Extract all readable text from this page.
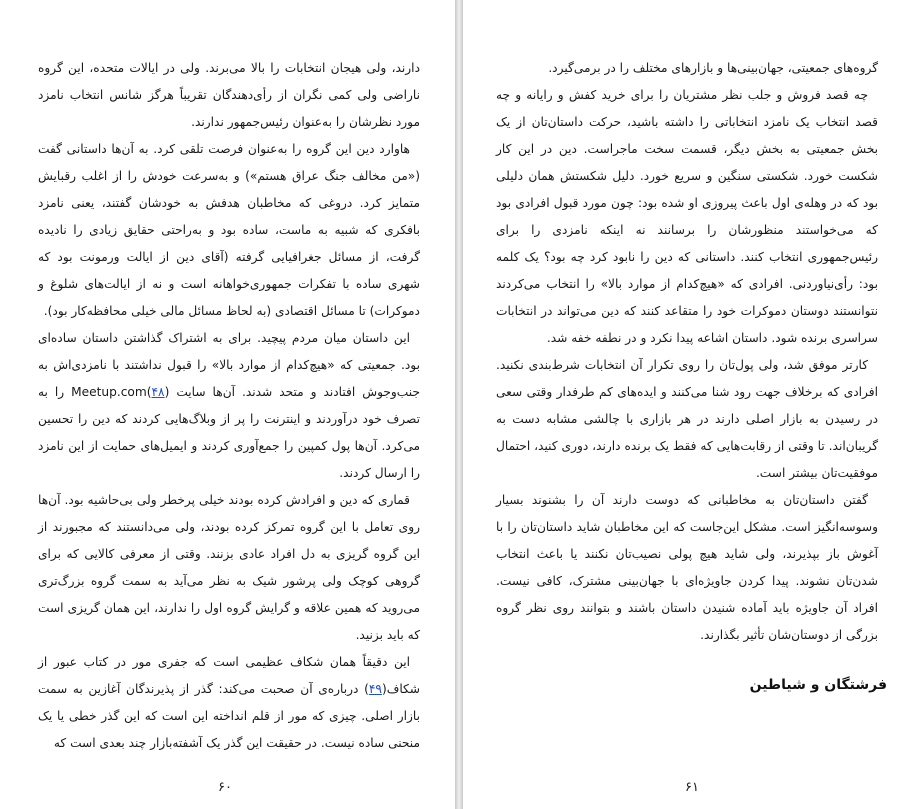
دارند، ولی هیجان انتخابات را بالا می‌برند. ولی در ایالات متحده، این گروه ناراضی ولی کمی نگران از رأی‌دهندگان تقریباً هرگز شانس انتخاب نامزد مورد نظرشان را به‌عنوان رئیس‌جمهور ندارند.

هاوارد دین این گروه را به‌عنوان فرصت تلقی کرد. به آن‌ها داستانی گفت («من مخالف جنگ عراق هستم») و به‌سرعت خودش را از اغلب رقبایش متمایز کرد. دروغی که مخاطبان هدفش به خودشان گفتند، یعنی نامزد بافکری که شبیه به ماست، ساده بود و به‌راحتی حقایق زیادی را نادیده گرفت، از مسائل جغرافیایی گرفته (آقای دین از ایالت ورمونت بود که شهری ساده با تفکرات جمهوری‌خواهانه است و نه از ایالت‌های شلوغ و دموکرات) تا مسائل اقتصادی (به لحاظ مسائل مالی خیلی محافظه‌کار بود).

این داستان میان مردم پیچید. برای به اشتراک گذاشتن داستان ساده‌ای بود. جمعیتی که «هیچ‌کدام از موارد بالا» را قبول نداشتند با نامزدی‌اش به جنب‌وجوش افتادند و متحد شدند. آن‌ها سایت Meetup.com(۴۸) را به تصرف خود درآوردند و اینترنت را پر از وبلاگ‌هایی کردند که دین را تحسین می‌کرد. آن‌ها پول کمپین را جمع‌آوری کردند و ایمیل‌های حمایت از این نامزد را ارسال کردند.

قماری که دین و افرادش کرده بودند خیلی پرخطر ولی بی‌حاشیه بود. آن‌ها روی تعامل با این گروه تمرکز کرده بودند، ولی می‌دانستند که مجبورند از این گروه گریزی به دل افراد عادی بزنند. وقتی از معرفی کالایی که برای گروهی کوچک ولی پرشور شیک به نظر می‌آید به سمت گروه بزرگ‌تری می‌روید که همین علاقه و گرایش گروه اول را ندارند، این همان گریزی است که باید بزنید.

این دقیقاً همان شکاف عظیمی است که جفری مور در کتاب عبور از شکاف(۴۹) درباره‌ی آن صحبت می‌کند: گذر از پذیرندگان آغازین به سمت بازار اصلی. چیزی که مور از قلم انداخته این است که این گذر خطی یا یک منحنی ساده نیست. در حقیقت این گذر یک آشفته‌بازار چند بعدی است که

۶۰

گروه‌های جمعیتی، جهان‌بینی‌ها و بازارهای مختلف را در برمی‌گیرد.

چه قصد فروش و جلب نظر مشتریان را برای خرید کفش و رایانه و چه قصد انتخاب یک نامزد انتخاباتی را داشته باشید، حرکت داستان‌تان از یک بخش جمعیتی به بخش دیگر، قسمت سخت ماجراست. دین در این کار شکست خورد. شکستی سنگین و سریع خورد. دلیل شکستش همان دلیلی بود که در وهله‌ی اول باعث پیروزی او شده بود: چون مورد قبول افرادی بود که می‌خواستند منظورشان را برسانند نه اینکه نامزدی را برای رئیس‌جمهوری انتخاب کنند. داستانی که دین را نابود کرد چه بود؟ یک کلمه بود: رأی‌نیاوردنی. افرادی که «هیچ‌کدام از موارد بالا» را انتخاب می‌کردند نتوانستند دوستان دموکرات خود را متقاعد کنند که دین می‌تواند در انتخابات سراسری برنده شود. داستان اشاعه پیدا نکرد و در نطفه خفه شد.

کارتر موفق شد، ولی پول‌تان را روی تکرار آن انتخابات شرط‌بندی نکنید. افرادی که برخلاف جهت رود شنا می‌کنند و ایده‌های کم طرفدار وقتی سعی در رسیدن به بازار اصلی دارند در هر بازاری با چالشی مشابه دست به گریبان‌اند. تا وقتی از رقابت‌هایی که فقط یک برنده دارند، دوری کنید، احتمال موفقیت‌تان بیشتر است.

گفتن داستان‌تان به مخاطبانی که دوست دارند آن را بشنوند بسیار وسوسه‌انگیز است. مشکل این‌جاست که این مخاطبان شاید داستان‌تان را با آغوش باز بپذیرند، ولی شاید هیچ پولی نصیب‌تان نکنند یا باعث انتخاب شدن‌تان نشوند. پیدا کردن جاویژه‌ای با جهان‌بینی مشترک، کافی نیست. افراد آن جاویژه باید آماده شنیدن داستان باشند و بتوانند روی نظر گروه بزرگی از دوستان‌شان تأثیر بگذارند.

فرشتگان و شیاطین
۶۱
